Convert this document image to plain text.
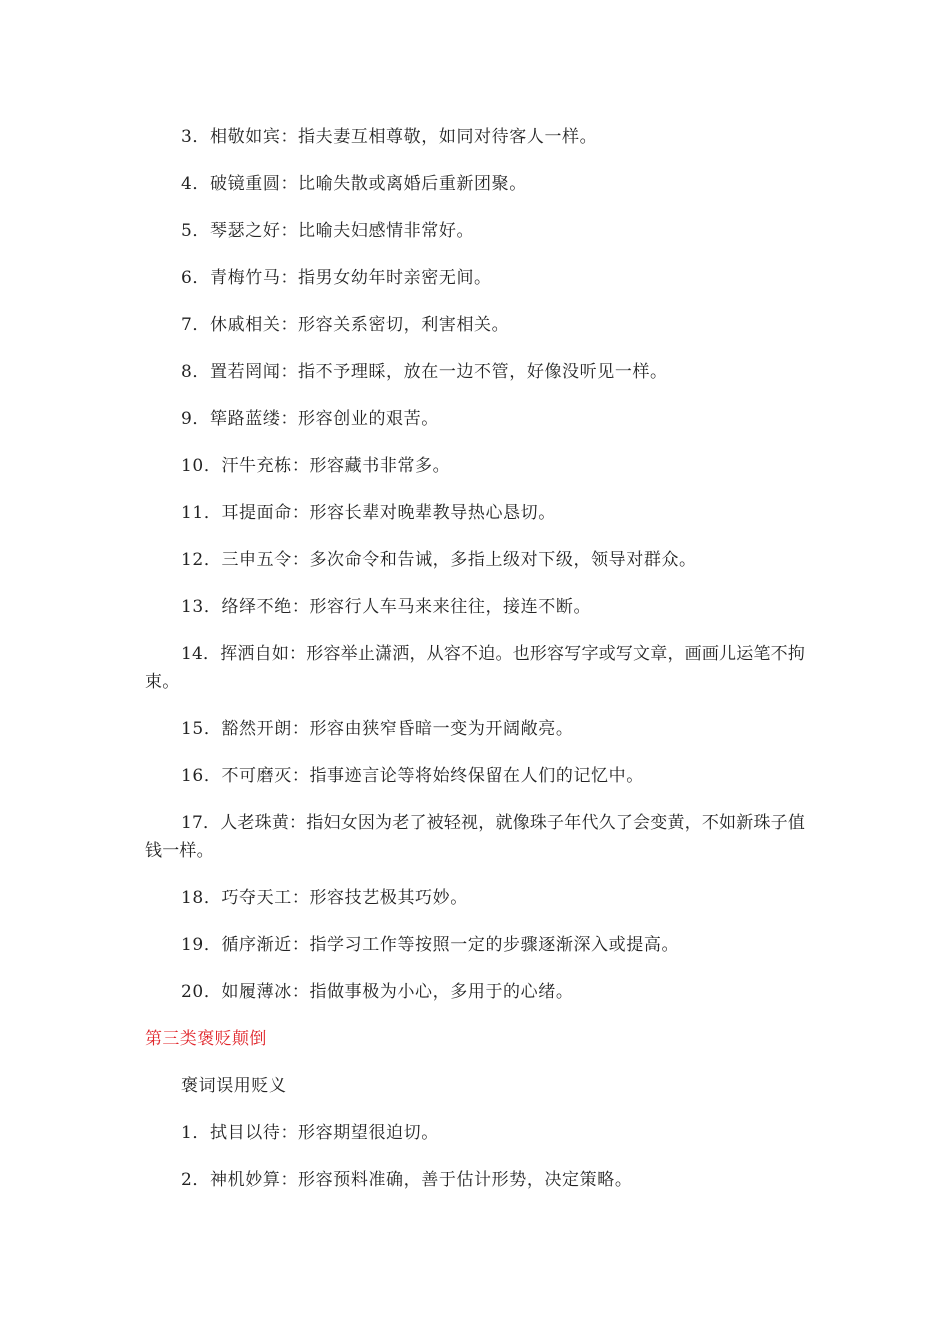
3．相敬如宾：指夫妻互相尊敬，如同对待客人一样。

4．破镜重圆：比喻失散或离婚后重新团聚。

5．琴瑟之好：比喻夫妇感情非常好。

6．青梅竹马：指男女幼年时亲密无间。

7．休戚相关：形容关系密切，利害相关。

8．置若罔闻：指不予理睬，放在一边不管，好像没听见一样。

9．筚路蓝缕：形容创业的艰苦。

10．汗牛充栋：形容藏书非常多。

11．耳提面命：形容长辈对晚辈教导热心恳切。

12．三申五令：多次命令和告诫，多指上级对下级，领导对群众。

13．络绎不绝：形容行人车马来来往往，接连不断。

14．挥洒自如：形容举止潇洒，从容不迫。也形容写字或写文章，画画儿运笔不拘束。

15．豁然开朗：形容由狭窄昏暗一变为开阔敞亮。

16．不可磨灭：指事迹言论等将始终保留在人们的记忆中。

17．人老珠黄：指妇女因为老了被轻视，就像珠子年代久了会变黄，不如新珠子值钱一样。

18．巧夺天工：形容技艺极其巧妙。

19．循序渐近：指学习工作等按照一定的步骤逐渐深入或提高。

20．如履薄冰：指做事极为小心，多用于的心绪。

第三类褒贬颠倒

褒词误用贬义

1．拭目以待：形容期望很迫切。

2．神机妙算：形容预料准确，善于估计形势，决定策略。
